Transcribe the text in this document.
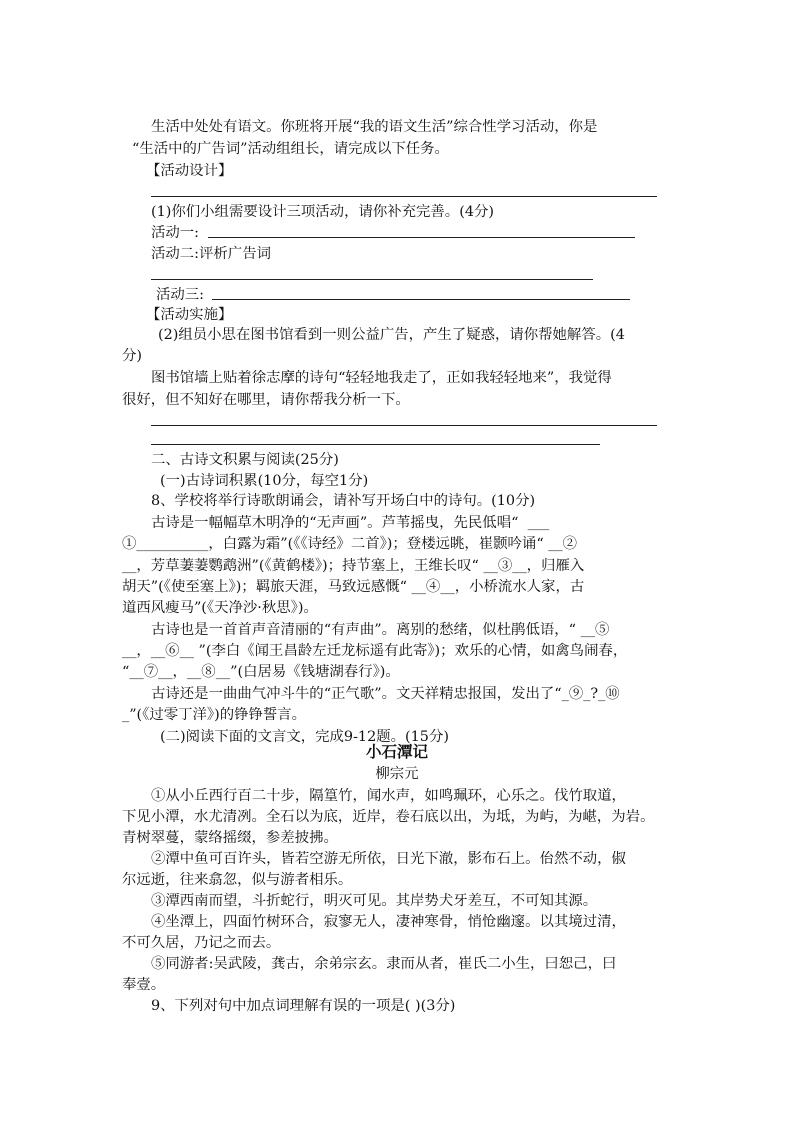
生活中处处有语文。你班将开展“我的语文生活”综合性学习活动，你是
“生活中的广告词”活动组组长，请完成以下任务。
【活动设计】
(1)你们小组需要设计三项活动，请你补充完善。(4分)
活动一:
活动二:评析广告词
活动三:
【活动实施】
(2)组员小思在图书馆看到一则公益广告，产生了疑惑，请你帮她解答。(4
分)
图书馆墙上贴着徐志摩的诗句“轻轻地我走了，正如我轻轻地来”，我觉得
很好，但不知好在哪里，请你帮我分析一下。
二、古诗文积累与阅读(25分)
(一)古诗词积累(10分，每空1分)
8、学校将举行诗歌朗诵会，请补写开场白中的诗句。(10分)
古诗是一幅幅草木明净的“无声画”。芦苇摇曳，先民低唱“  ___
①__________，白露为霜”(《《诗经》二首》)；登楼远眺，崔颢吟诵“ __②
__，芳草萋萋鹦鹉洲”(《黄鹤楼》)；持节塞上，王维长叹“ __③__，归雁入
胡天”(《使至塞上》)；羁旅天涯，马致远感慨“ __④__，小桥流水人家，古
道西风瘦马”(《天净沙·秋思》)。
古诗也是一首首声音清丽的“有声曲”。离别的愁绪，似杜鹃低语，“ __⑤
__，__⑥__ ”(李白《闻王昌龄左迁龙标遥有此寄》)；欢乐的心情，如禽鸟闹春，
“__⑦__，__⑧__”(白居易《钱塘湖春行》)。
古诗还是一曲曲气冲斗牛的“正气歌”。文天祥精忠报国，发出了“_⑨_?_⑩
_”(《过零丁洋》)的铮铮誓言。
(二)阅读下面的文言文，完成9-12题。(15分)
小石潭记
柳宗元
①从小丘西行百二十步，隔篁竹，闻水声，如鸣珮环，心乐之。伐竹取道，
下见小潭，水尤清冽。全石以为底，近岸，卷石底以出，为坻，为屿，为嵁，为岩。
青树翠蔓，蒙络摇缀，参差披拂。
②潭中鱼可百许头，皆若空游无所依，日光下澈，影布石上。佁然不动，俶
尔远逝，往来翕忽，似与游者相乐。
③潭西南而望，斗折蛇行，明灭可见。其岸势犬牙差互，不可知其源。
④坐潭上，四面竹树环合，寂寥无人，凄神寒骨，悄怆幽邃。以其境过清，
不可久居，乃记之而去。
⑤同游者:吴武陵，龚古，余弟宗玄。隶而从者，崔氏二小生，曰恕己，曰
奉壹。
9、下列对句中加点词理解有误的一项是( )(3分)
